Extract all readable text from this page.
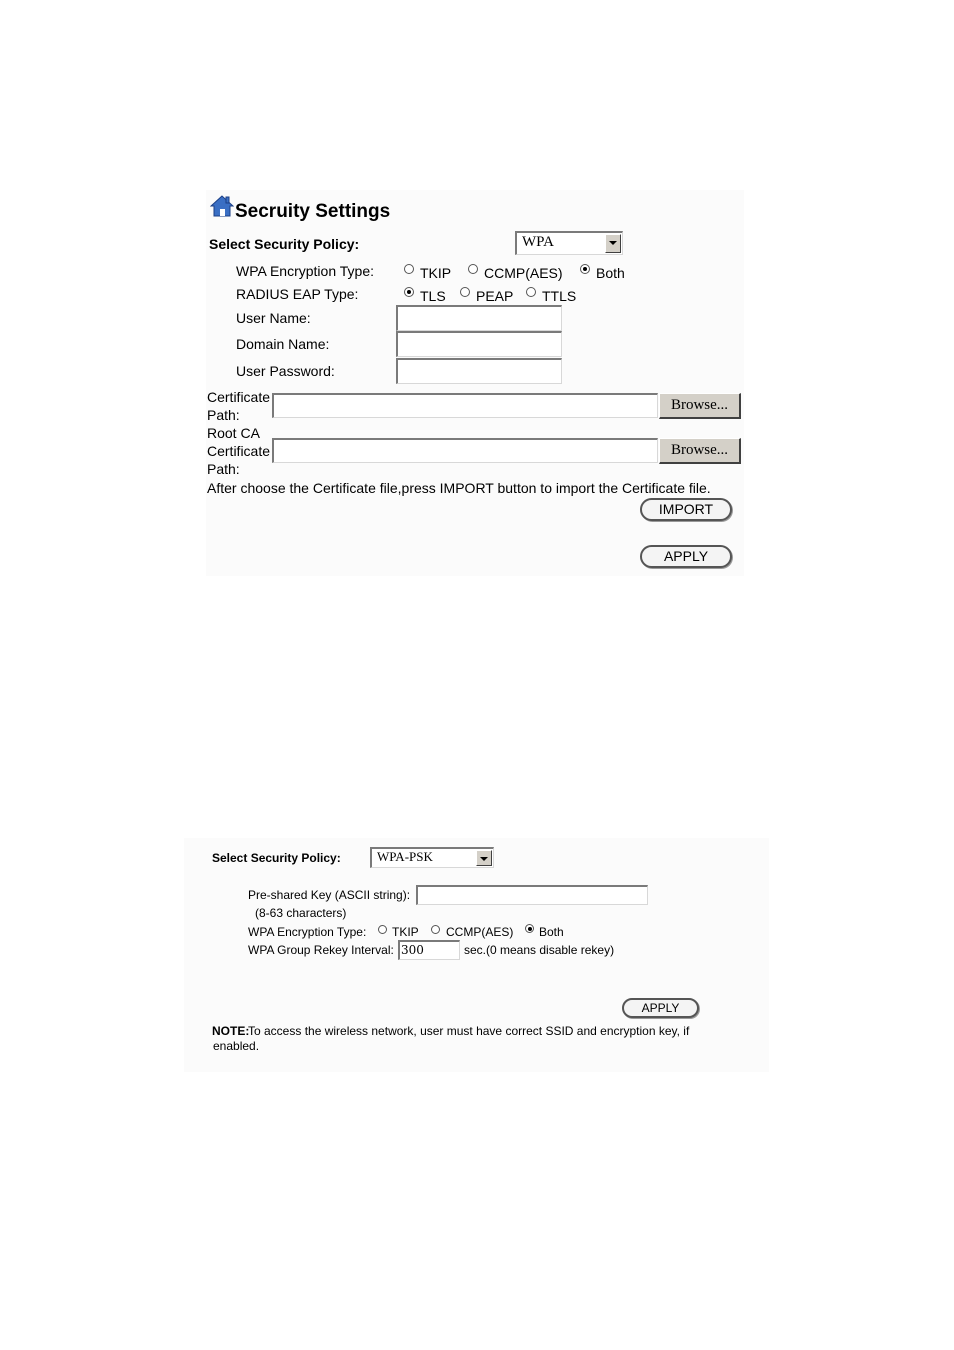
Secruity Settings
Select Security Policy:	WPA
WPA Encryption Type:	TKIP CCMP(AES) Both
RADIUS EAP Type:	TLS PEAP TTLS
User Name:
Domain Name:
User Password:
Certificate
Path:
Browse...
Root CA
Certificate
Path:
Browse...
After choose the Certificate file,press IMPORT button to import the Certificate file.
IMPORT
APPLY
Select Security Policy:	WPA-PSK
Pre-shared Key (ASCII string):
(8-63 characters)
WPA Encryption Type: TKIP CCMP(AES) Both
WPA Group Rekey Interval: 300	sec.(0 means disable rekey)
APPLY
NOTE:
To access the wireless network, user must have correct SSID and encryption key, if
enabled.
